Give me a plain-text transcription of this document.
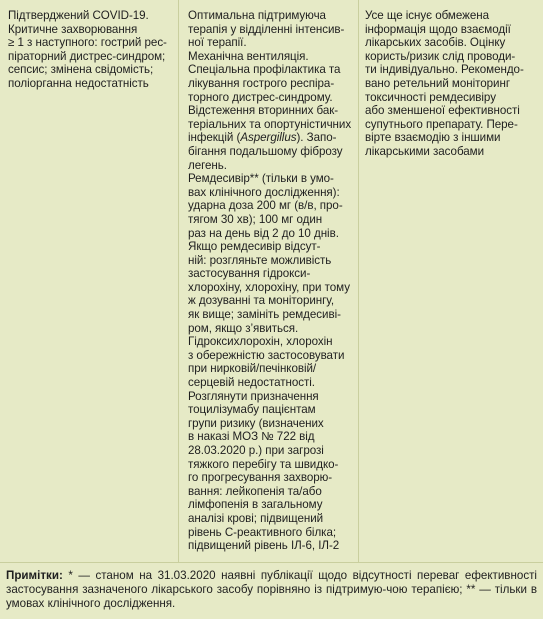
Підтверджений COVID-19.
Критичне захворювання
≥ 1 з наступного: гострий рес-
піраторний дистрес-синдром;
сепсис; змінена свідомість;
поліорганна недостатність
Оптимальна підтримуюча
терапія у відділенні інтенсив-
ної терапії.
Механічна вентиляція.
Спеціальна профілактика та
лікування гострого респіра-
торного дистрес-синдрому.
Відстеження вторинних бак-
теріальних та опортуністичних
інфекцій (Aspergillus). Запо-
бігання подальшому фіброзу
легень.
Ремдесивір** (тільки в умо-
вах клінічного дослідження):
ударна доза 200 мг (в/в, про-
тягом 30 хв); 100 мг один
раз на день від 2 до 10 днів.
Якщо ремдесивір відсут-
ній: розгляньте можливість
застосування гідрокси-
хлорохіну, хлорохіну, при тому
ж дозуванні та моніторингу,
як вище; замініть ремдесиві-
ром, якщо з’явиться.
Гідроксихлорохін, хлорохін
з обережністю застосовувати
при нирковій/печінковій/
серцевій недостатності.
Розглянути призначення
тоцилізумабу пацієнтам
групи ризику (визначених
в наказі МОЗ № 722 від
28.03.2020 р.) при загрозі
тяжкого перебігу та швидко-
го прогресування захворю-
вання: лейкопенія та/або
лімфопенія в загальному
аналізі крові; підвищений
рівень С-реактивного білка;
підвищений рівень ІЛ-6, ІЛ-2
Усе ще існує обмежена
інформація щодо взаємодії
лікарських засобів. Оцінку
користь/ризик слід проводи-
ти індивідуально. Рекомендо-
вано ретельний моніторинг
токсичності ремдесивіру
або зменшеної ефективності
супутнього препарату. Пере-
вірте взаємодію з іншими
лікарськими засобами
Примітки: * — станом на 31.03.2020 наявні публікації щодо відсутності переваг ефективності застосування зазначеного лікарського засобу порівняно із підтримую-чою терапією; ** — тільки в умовах клінічного дослідження.
